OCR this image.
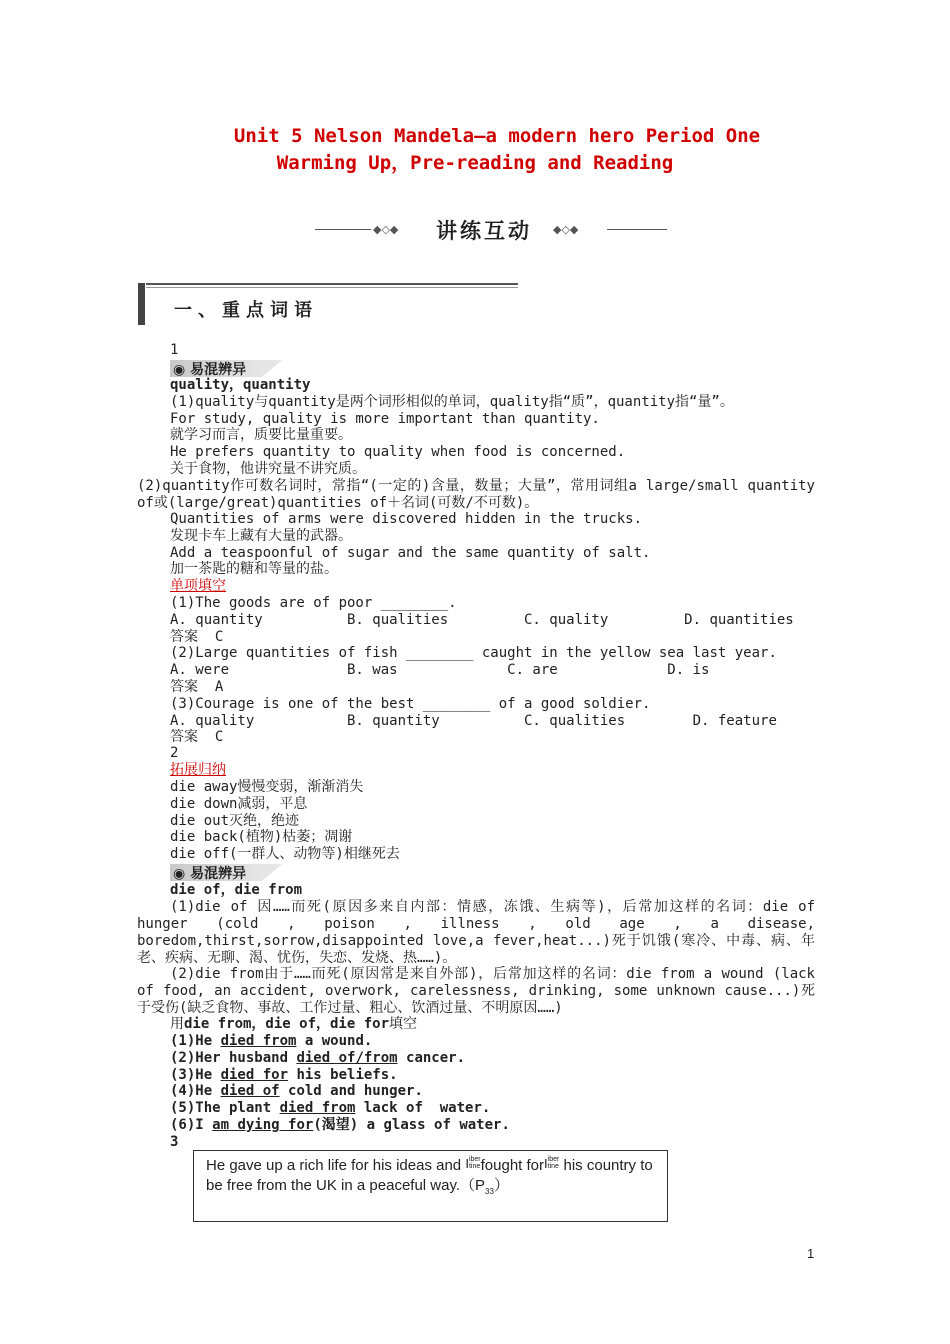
Unit 5 Nelson Mandela—a modern hero Period One
Warming Up，Pre-reading and Reading
◆◇◆ 讲练互动 ◆◇◆
一、重点词语
1
◉ 易混辨异
quality，quantity
(1)quality与quantity是两个词形相似的单词，quality指“质”，quantity指“量”。
For study, quality is more important than quantity.
就学习而言，质要比量重要。
He prefers quantity to quality when food is concerned.
关于食物，他讲究量不讲究质。
(2)quantity作可数名词时，常指“(一定的)含量，数量；大量”，常用词组a large/small quantity of或(large/great)quantities of＋名词(可数/不可数)。
Quantities of arms were discovered hidden in the trucks.
发现卡车上藏有大量的武器。
Add a teaspoonful of sugar and the same quantity of salt.
加一茶匙的糖和等量的盐。
单项填空
(1)The goods are of poor ________.
A. quantity          B. qualities         C. quality         D. quantities
答案  C
(2)Large quantities of fish ________ caught in the yellow sea last year.
A. were              B. was             C. are             D. is
答案  A
(3)Courage is one of the best ________ of a good soldier.
A. quality           B. quantity          C. qualities        D. feature
答案  C
2
拓展归纳
die away慢慢变弱，渐渐消失
die down减弱，平息
die out灭绝，绝迹
die back(植物)枯萎；凋谢
die off(一群人、动物等)相继死去
◉ 易混辨异
die of，die from
(1)die of 因……而死(原因多来自内部：情感，冻饿、生病等)，后常加这样的名词：die of hunger (cold , poison , illness , old age , a disease, boredom,thirst,sorrow,disappointed love,a fever,heat...)死于饥饿(寒冷、中毒、病、年老、疾病、无聊、渴、忧伤，失恋、发烧、热……)。
(2)die from由于……而死(原因常是来自外部)，后常加这样的名词：die from a wound (lack of food, an accident, overwork, carelessness, drinking, some unknown cause...)死于受伤(缺乏食物、事故、工作过量、粗心、饮酒过量、不明原因……)
用die from，die of，die for填空
(1)He died from a wound.
(2)Her husband died of/from cancer.
(3)He died for his beliefs.
(4)He died of cold and hunger.
(5)The plant died from lack of  water.
(6)I am dying for(渴望) a glass of water.
3
He gave up a rich life for his ideas and I iber
tine fought forI iber
tine his country to be free from the UK in a peaceful $way.(P_{33})$
1
